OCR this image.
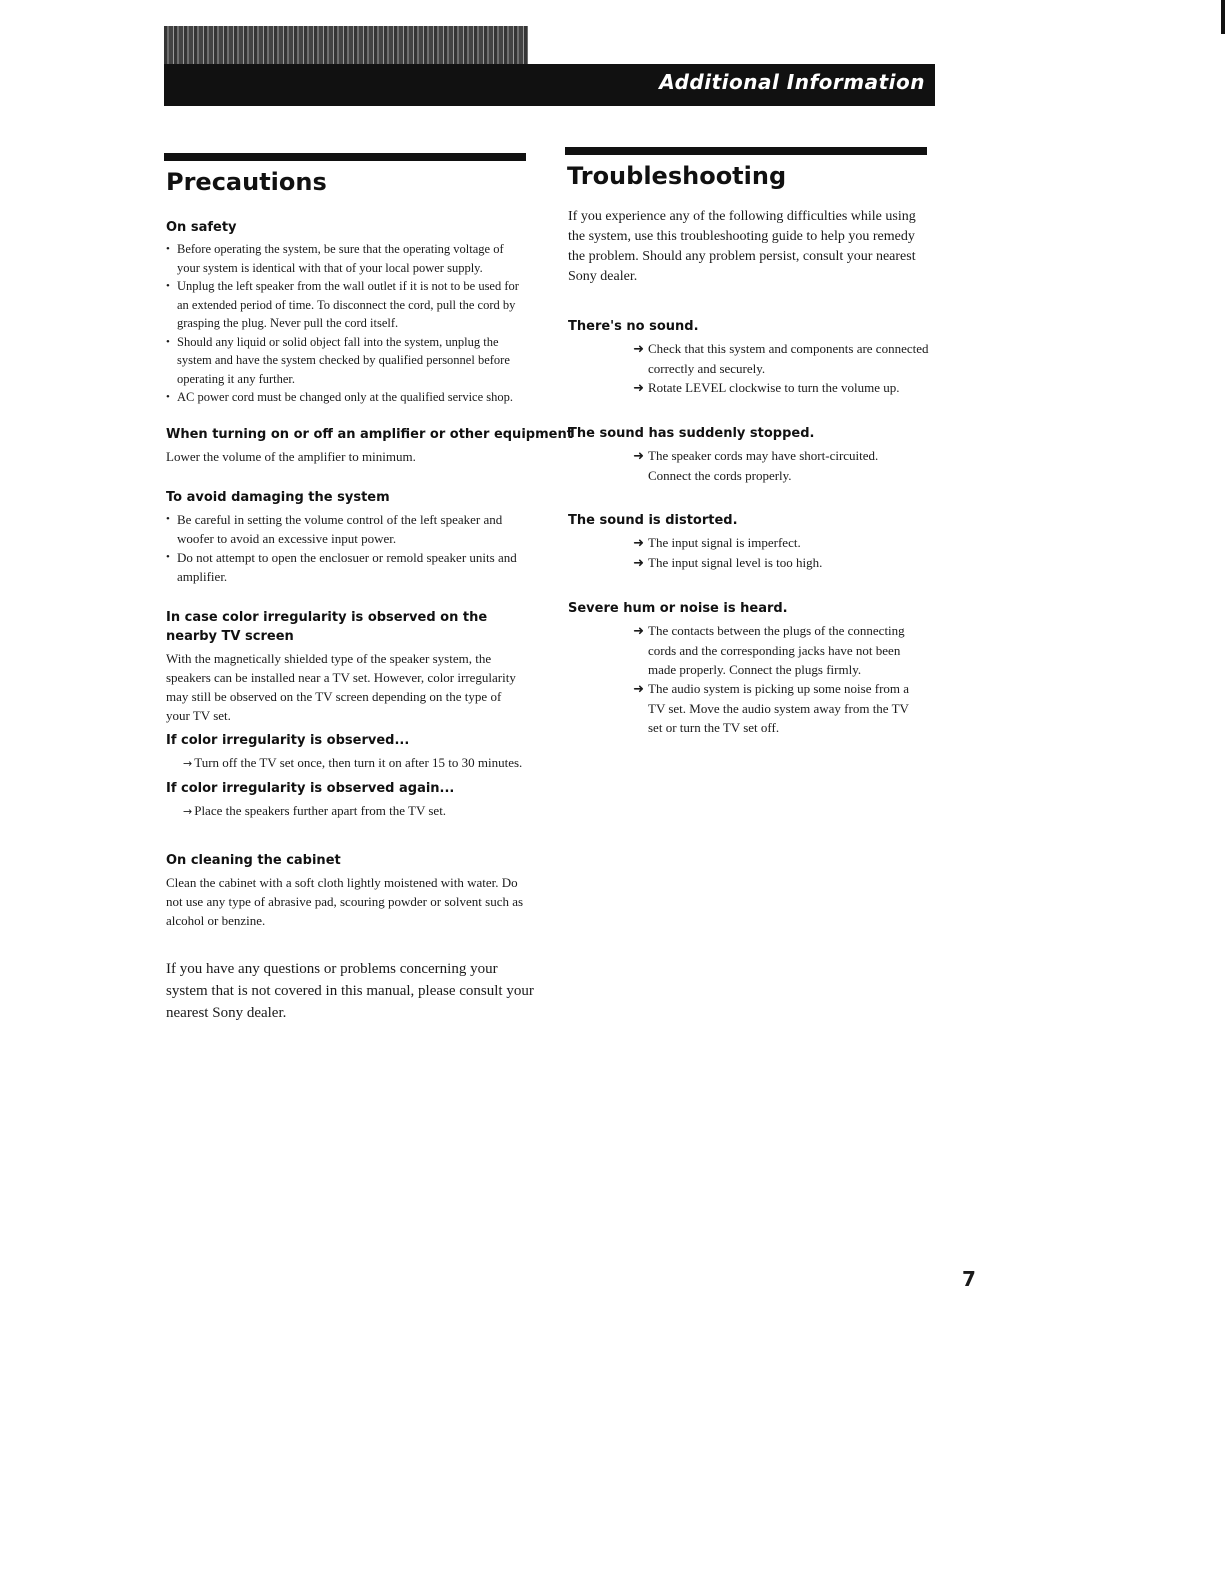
Additional Information
Precautions
On safety
• Before operating the system, be sure that the operating voltage of your system is identical with that of your local power supply.
• Unplug the left speaker from the wall outlet if it is not to be used for an extended period of time. To disconnect the cord, pull the cord by grasping the plug. Never pull the cord itself.
• Should any liquid or solid object fall into the system, unplug the system and have the system checked by qualified personnel before operating it any further.
• AC power cord must be changed only at the qualified service shop.
When turning on or off an amplifier or other equipment
Lower the volume of the amplifier to minimum.
To avoid damaging the system
• Be careful in setting the volume control of the left speaker and woofer to avoid an excessive input power.
• Do not attempt to open the enclosuer or remold speaker units and amplifier.
In case color irregularity is observed on the nearby TV screen
With the magnetically shielded type of the speaker system, the speakers can be installed near a TV set. However, color irregularity may still be observed on the TV screen depending on the type of your TV set.
If color irregularity is observed...
→ Turn off the TV set once, then turn it on after 15 to 30 minutes.
If color irregularity is observed again...
→ Place the speakers further apart from the TV set.
On cleaning the cabinet
Clean the cabinet with a soft cloth lightly moistened with water. Do not use any type of abrasive pad, scouring powder or solvent such as alcohol or benzine.
If you have any questions or problems concerning your system that is not covered in this manual, please consult your nearest Sony dealer.
Troubleshooting
If you experience any of the following difficulties while using the system, use this troubleshooting guide to help you remedy the problem. Should any problem persist, consult your nearest Sony dealer.
There's no sound.
➜ Check that this system and components are connected correctly and securely.
➜ Rotate LEVEL clockwise to turn the volume up.
The sound has suddenly stopped.
➜ The speaker cords may have short-circuited. Connect the cords properly.
The sound is distorted.
➜ The input signal is imperfect.
➜ The input signal level is too high.
Severe hum or noise is heard.
➜ The contacts between the plugs of the connecting cords and the corresponding jacks have not been made properly. Connect the plugs firmly.
➜ The audio system is picking up some noise from a TV set. Move the audio system away from the TV set or turn the TV set off.
7
